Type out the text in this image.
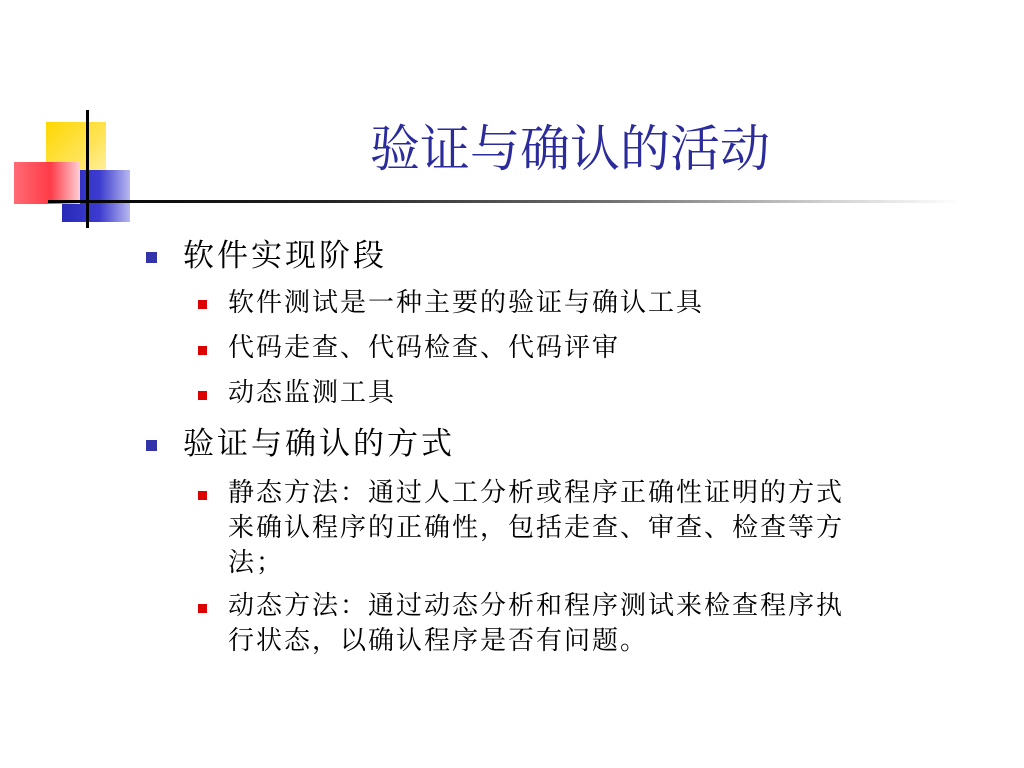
验证与确认的活动
软件实现阶段
软件测试是一种主要的验证与确认工具
代码走查、代码检查、代码评审
动态监测工具
验证与确认的方式
静态方法：通过人工分析或程序正确性证明的方式
来确认程序的正确性，包括走查、审查、检查等方
法；
动态方法：通过动态分析和程序测试来检查程序执
行状态，以确认程序是否有问题。
